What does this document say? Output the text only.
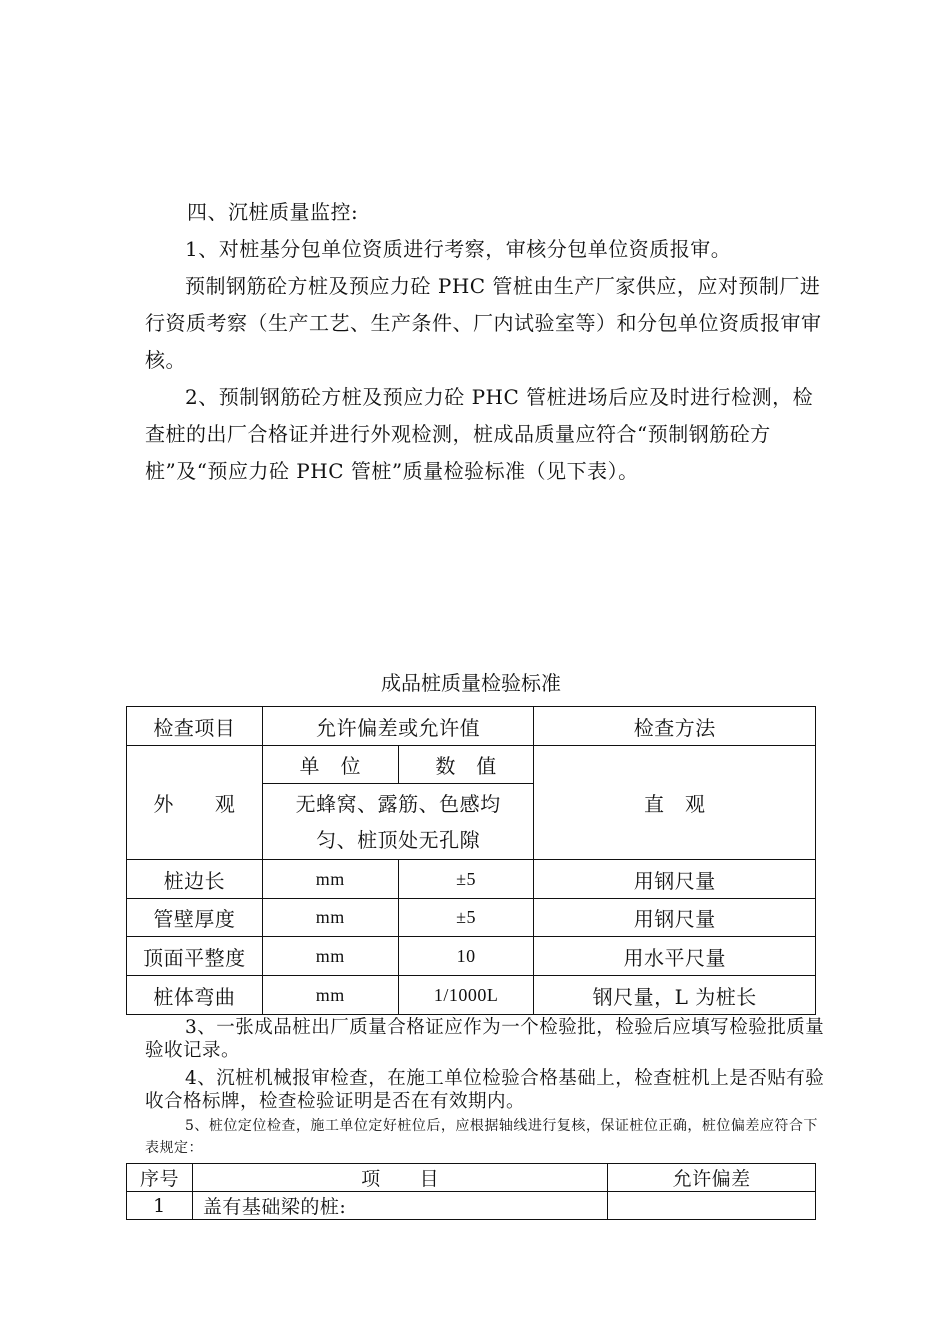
四、沉桩质量监控:
1、对桩基分包单位资质进行考察，审核分包单位资质报审。
预制钢筋砼方桩及预应力砼 PHC 管桩由生产厂家供应，应对预制厂进行资质考察（生产工艺、生产条件、厂内试验室等）和分包单位资质报审审核。
2、预制钢筋砼方桩及预应力砼 PHC 管桩进场后应及时进行检测，检查桩的出厂合格证并进行外观检测，桩成品质量应符合“预制钢筋砼方桩”及“预应力砼 PHC 管桩”质量检验标准（见下表）。
成品桩质量检验标准
检查项目	允许偏差或允许值		检查方法
外　　观	单　位	数　值	直　观
	无蜂窝、露筋、色感均匀、桩顶处无孔隙		
桩边长	mm	±5	用钢尺量
管壁厚度	mm	±5	用钢尺量
顶面平整度	mm	10	用水平尺量
桩体弯曲	mm	1/1000L	钢尺量，L 为桩长
3、一张成品桩出厂质量合格证应作为一个检验批，检验后应填写检验批质量验收记录。
4、沉桩机械报审检查，在施工单位检验合格基础上，检查桩机上是否贴有验收合格标牌，检查检验证明是否在有效期内。
5、桩位定位检查，施工单位定好桩位后，应根据轴线进行复核，保证桩位正确，桩位偏差应符合下表规定：
序号	项　　目	允许偏差
1	盖有基础梁的桩:	
